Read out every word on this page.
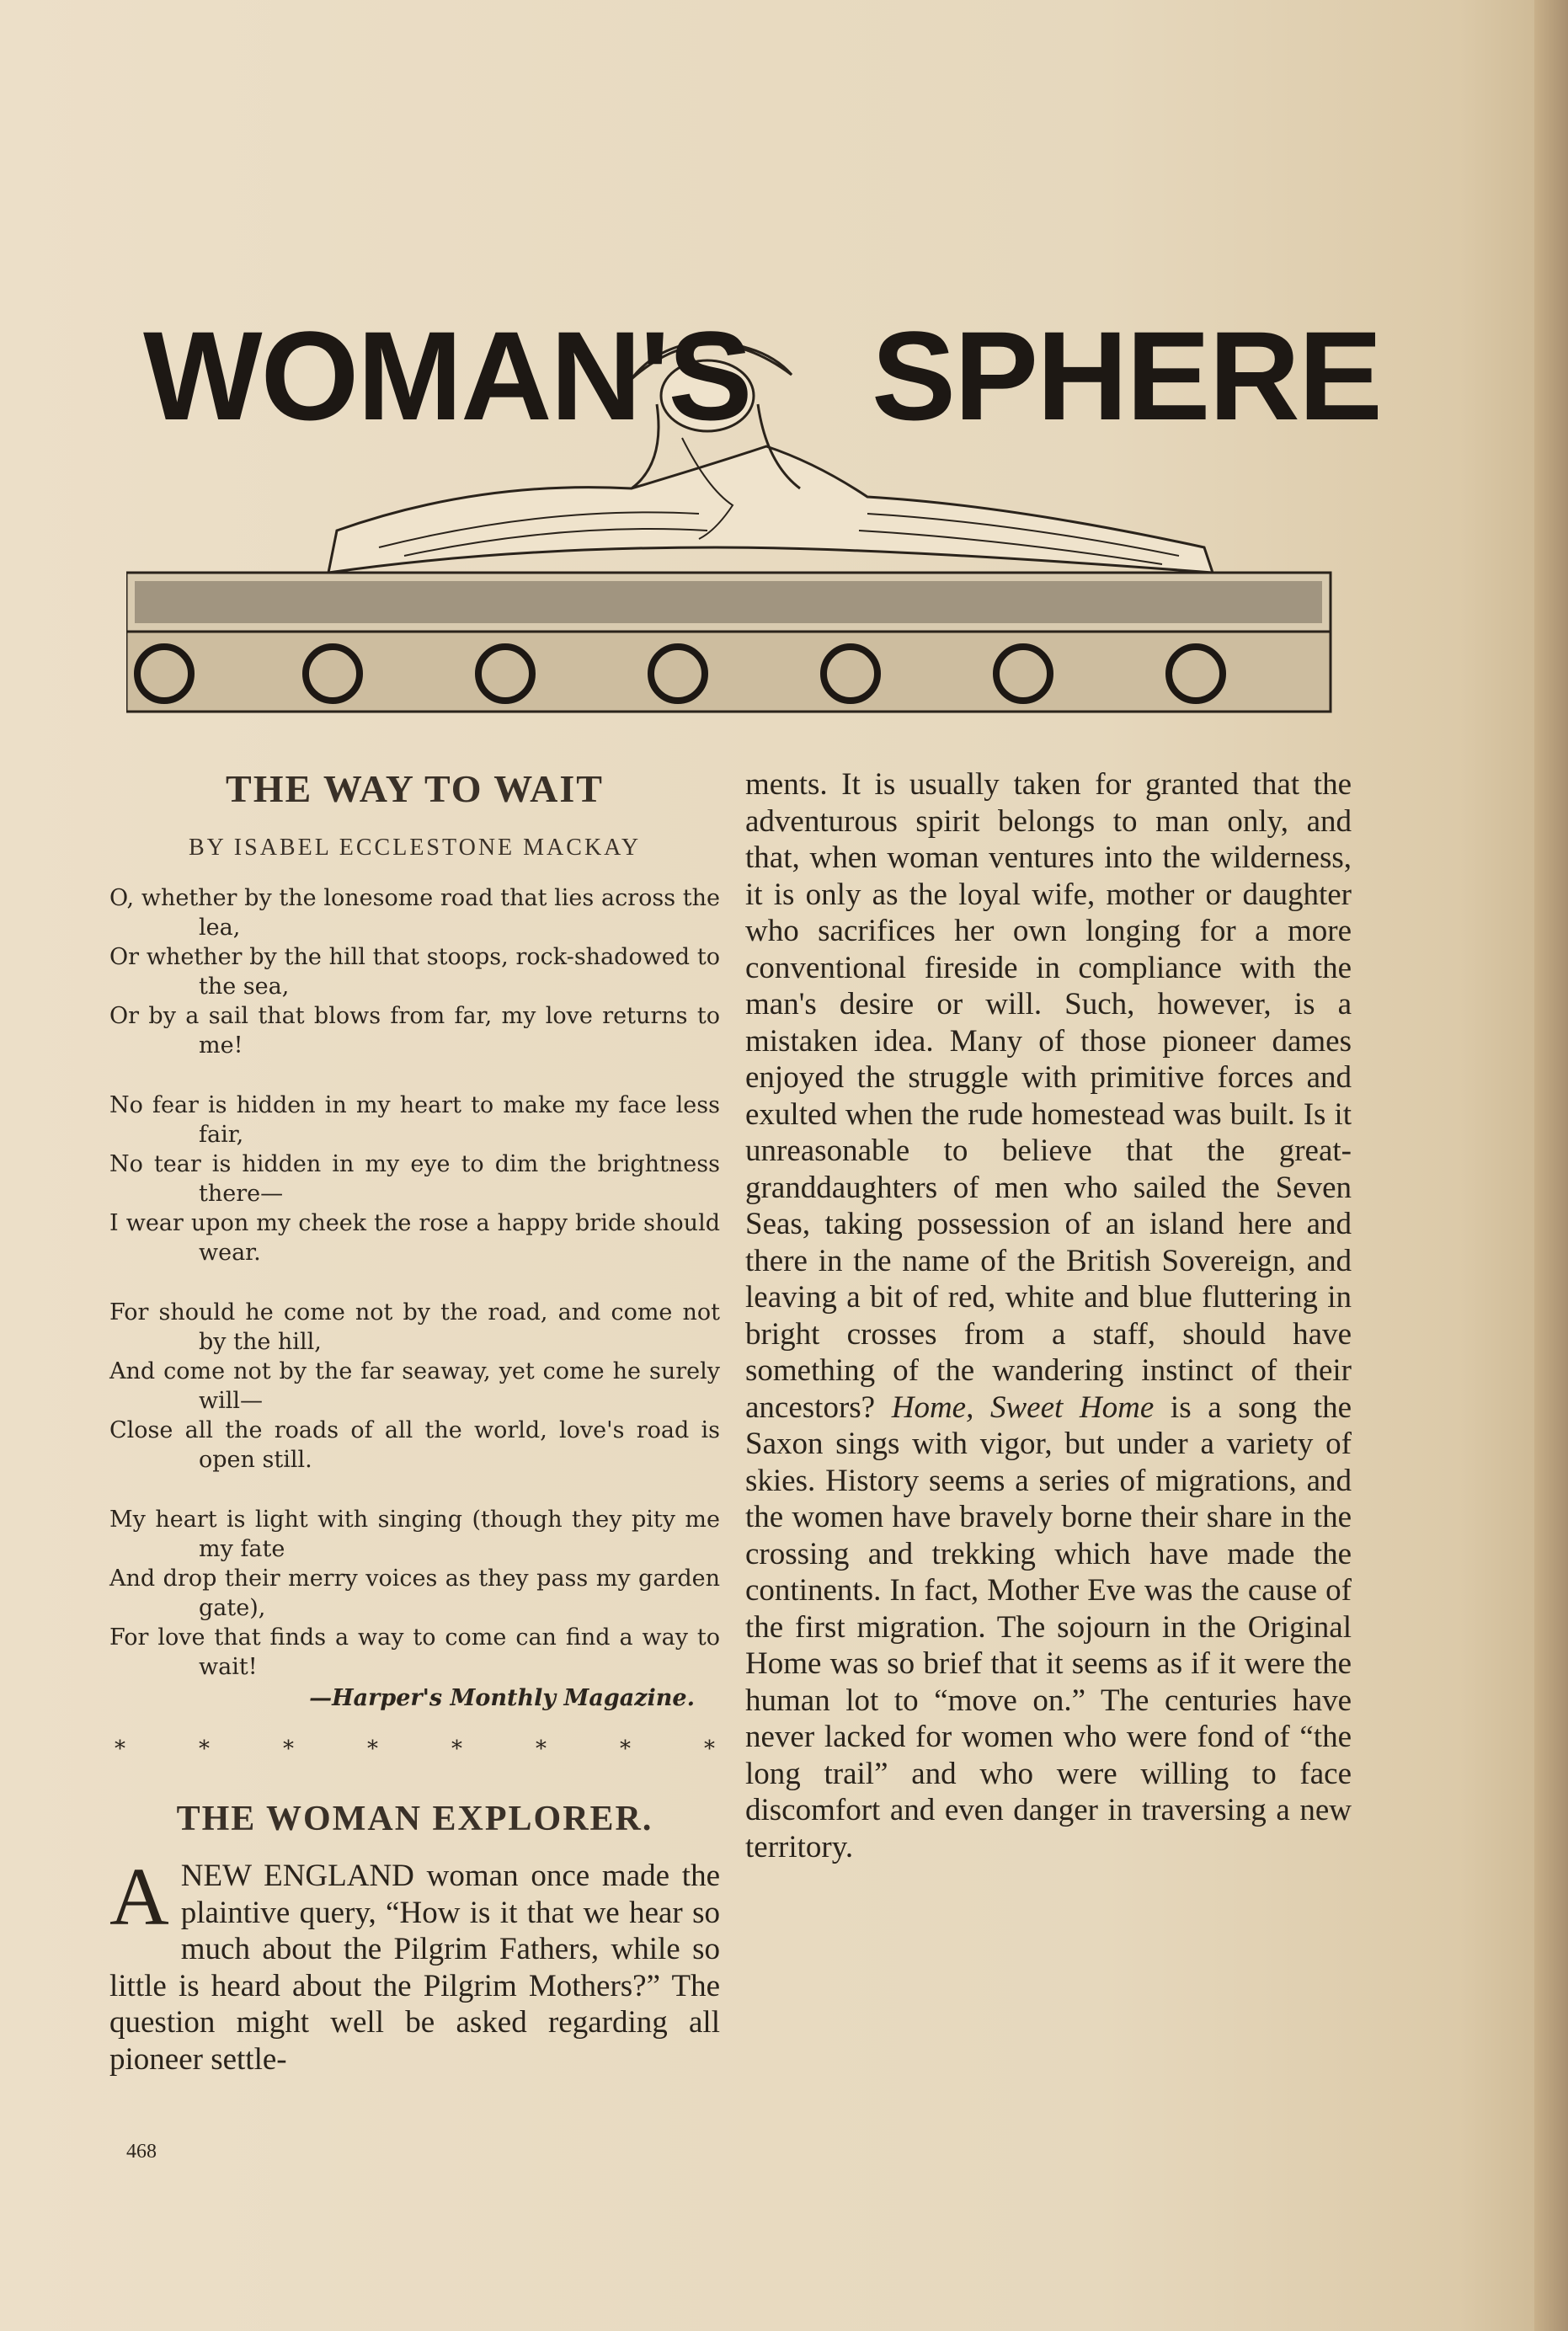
WOMAN'S SPHERE
THE WAY TO WAIT
BY ISABEL ECCLESTONE MACKAY
O, whether by the lonesome road that lies across the lea,
Or whether by the hill that stoops, rock-shadowed to the sea,
Or by a sail that blows from far, my love returns to me!
No fear is hidden in my heart to make my face less fair,
No tear is hidden in my eye to dim the brightness there—
I wear upon my cheek the rose a happy bride should wear.
For should he come not by the road, and come not by the hill,
And come not by the far seaway, yet come he surely will—
Close all the roads of all the world, love's road is open still.
My heart is light with singing (though they pity me my fate
And drop their merry voices as they pass my garden gate),
For love that finds a way to come can find a way to wait!
—Harper's Monthly Magazine.
*	*	*	*	*	*	*	*
THE WOMAN EXPLORER.

ANEW ENGLAND woman once made the plaintive query, “How is it that we hear so much about the Pilgrim Fathers, while so little is heard about the Pilgrim Mothers?” The question might well be asked regarding all pioneer settle-

ments. It is usually taken for granted that the adventurous spirit belongs to man only, and that, when woman ventures into the wilderness, it is only as the loyal wife, mother or daughter who sacrifices her own longing for a more conventional fireside in compliance with the man's desire or will. Such, however, is a mistaken idea. Many of those pioneer dames enjoyed the struggle with primitive forces and exulted when the rude homestead was built. Is it unreasonable to believe that the great-granddaughters of men who sailed the Seven Seas, taking possession of an island here and there in the name of the British Sovereign, and leaving a bit of red, white and blue fluttering in bright crosses from a staff, should have something of the wandering instinct of their ancestors? Home, Sweet Home is a song the Saxon sings with vigor, but under a variety of skies. History seems a series of migrations, and the women have bravely borne their share in the crossing and trekking which have made the continents. In fact, Mother Eve was the cause of the first migration. The sojourn in the Original Home was so brief that it seems as if it were the human lot to “move on.” The centuries have never lacked for women who were fond of “the long trail” and who were willing to face discomfort and even danger in traversing a new territory.

468
